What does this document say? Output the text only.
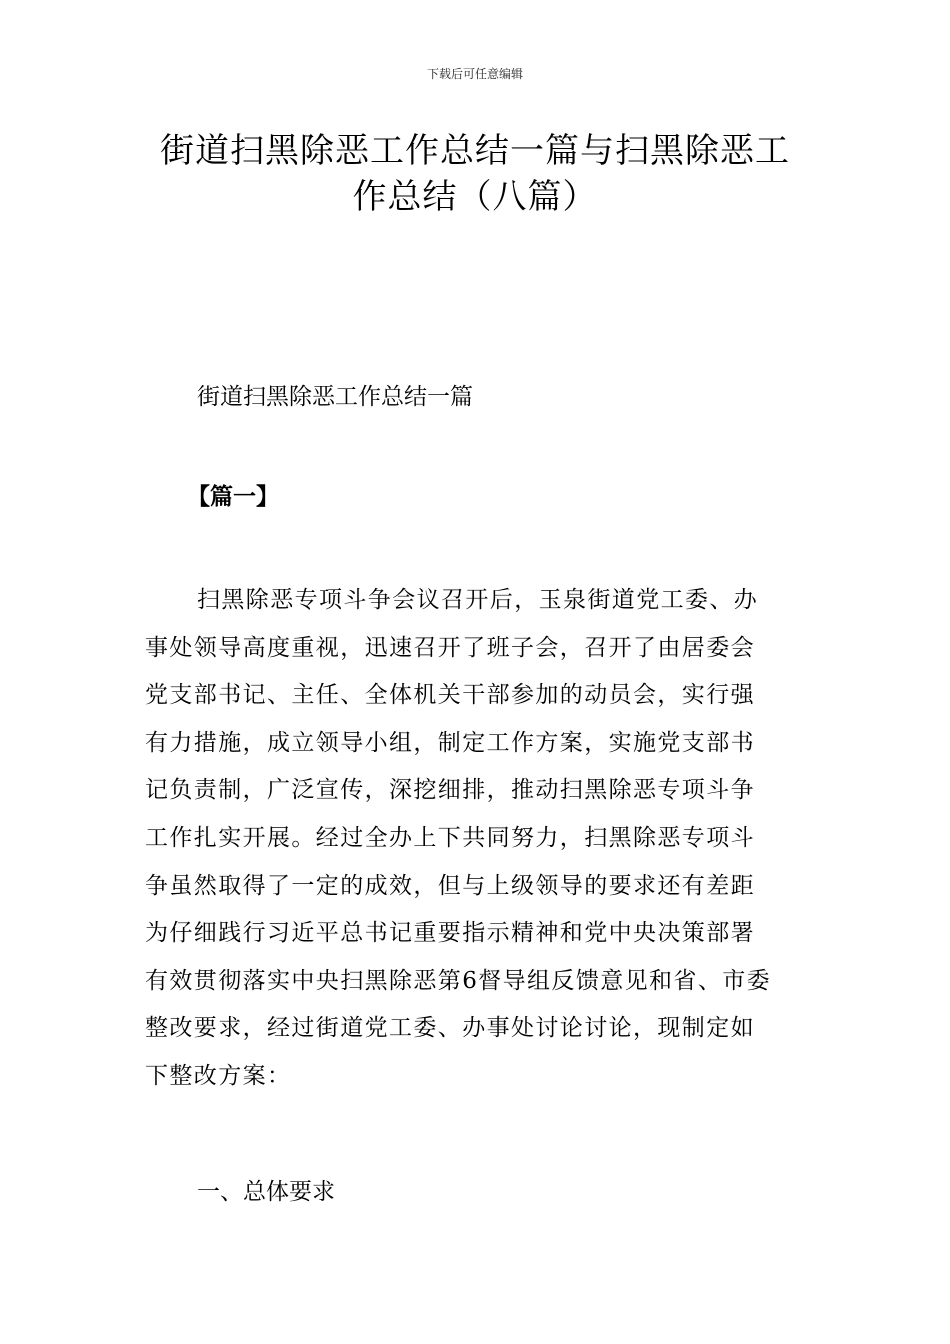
下载后可任意编辑
街道扫黑除恶工作总结一篇与扫黑除恶工
作总结（八篇）
街道扫黑除恶工作总结一篇
【篇一】
扫黑除恶专项斗争会议召开后，玉泉街道党工委、办
事处领导高度重视，迅速召开了班子会，召开了由居委会
党支部书记、主任、全体机关干部参加的动员会，实行强
有力措施，成立领导小组，制定工作方案，实施党支部书
记负责制，广泛宣传，深挖细排，推动扫黑除恶专项斗争
工作扎实开展。经过全办上下共同努力，扫黑除恶专项斗
争虽然取得了一定的成效，但与上级领导的要求还有差距
为仔细践行习近平总书记重要指示精神和党中央决策部署
有效贯彻落实中央扫黑除恶第6督导组反馈意见和省、市委
整改要求，经过街道党工委、办事处讨论讨论，现制定如
下整改方案：
一、总体要求
